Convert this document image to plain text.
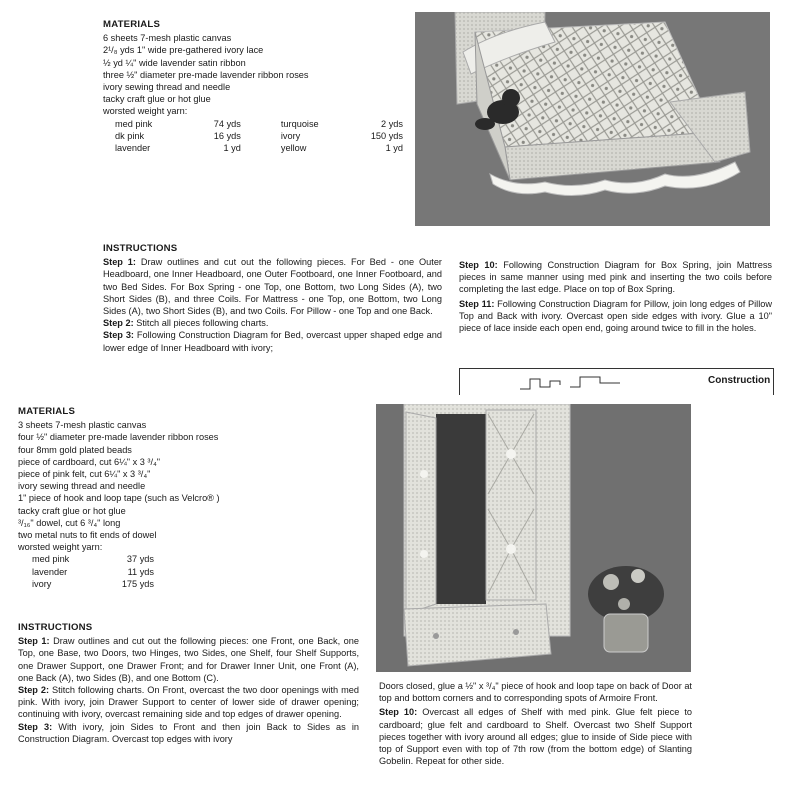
MATERIALS
6 sheets 7-mesh plastic canvas
2¹/₈ yds 1" wide pre-gathered ivory lace
½ yd ¼" wide lavender satin ribbon
three ½" diameter pre-made lavender ribbon roses
ivory sewing thread and needle
tacky craft glue or hot glue
worsted weight yarn:
med pink	74 yds	turquoise	2 yds
dk pink	16 yds	ivory	150 yds
lavender	1 yd	yellow	1 yd
INSTRUCTIONS
Step 1: Draw outlines and cut out the following pieces. For Bed - one Outer Headboard, one Inner Headboard, one Outer Footboard, one Inner Footboard, and two Bed Sides. For Box Spring - one Top, one Bottom, two Long Sides (A), two Short Sides (B), and three Coils. For Mattress - one Top, one Bottom, two Long Sides (A), two Short Sides (B), and two Coils. For Pillow - one Top and one Back.
Step 2: Stitch all pieces following charts.
Step 3: Following Construction Diagram for Bed, overcast upper shaped edge and lower edge of Inner Headboard with ivory;
Step 10: Following Construction Diagram for Box Spring, join Mattress pieces in same manner using med pink and inserting the two coils before completing the last edge. Place on top of Box Spring.
Step 11: Following Construction Diagram for Pillow, join long edges of Pillow Top and Back with ivory. Overcast open side edges with ivory. Glue a 10" piece of lace inside each open end, going around twice to fill in the holes.
Construction
MATERIALS
3 sheets 7-mesh plastic canvas
four ½" diameter pre-made lavender ribbon roses
four 8mm gold plated beads
piece of cardboard, cut 6¼" x 3 ³/₄"
piece of pink felt, cut 6¼" x 3 ³/₄"
ivory sewing thread and needle
1" piece of hook and loop tape (such as Velcro® )
tacky craft glue or hot glue
³/₁₆" dowel, cut 6 ³/₄" long
two metal nuts to fit ends of dowel
worsted weight yarn:
med pink	37 yds
lavender	11 yds
ivory	175 yds
INSTRUCTIONS
Step 1: Draw outlines and cut out the following pieces: one Front, one Back, one Top, one Base, two Doors, two Hinges, two Sides, one Shelf, four Shelf Supports, one Drawer Support, one Drawer Front; and for Drawer Inner Unit, one Front (A), one Back (A), two Sides (B), and one Bottom (C).
Step 2: Stitch following charts. On Front, overcast the two door openings with med pink. With ivory, join Drawer Support to center of lower side of drawer opening; continuing with ivory, overcast remaining side and top edges of drawer opening.
Step 3: With ivory, join Sides to Front and then join Back to Sides as in Construction Diagram. Overcast top edges with ivory
Doors closed, glue a ½" x ³/₄" piece of hook and loop tape on back of Door at top and bottom corners and to corresponding spots of Armoire Front.
Step 10: Overcast all edges of Shelf with med pink. Glue felt piece to cardboard; glue felt and cardboard to Shelf. Overcast two Shelf Support pieces together with ivory around all edges; glue to inside of Side piece with top of Support even with top of 7th row (from the bottom edge) of Slanting Gobelin. Repeat for other side.
